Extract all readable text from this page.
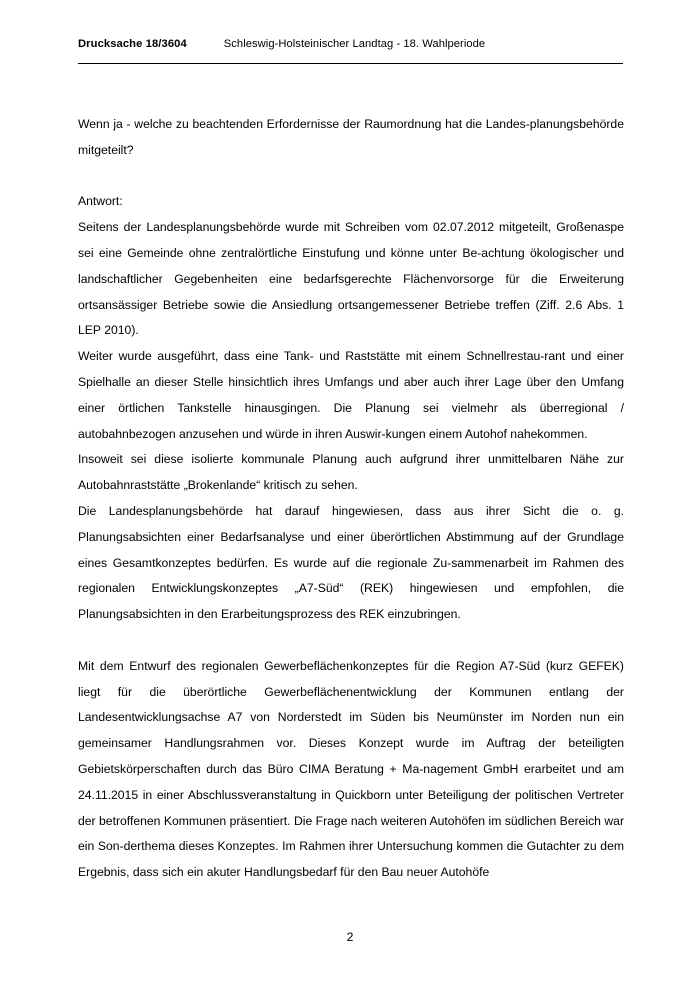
Drucksache 18/3604	Schleswig-Holsteinischer Landtag - 18. Wahlperiode

Wenn ja - welche zu beachtenden Erfordernisse der Raumordnung hat die Landes-planungsbehörde mitgeteilt?

Antwort:

Seitens der Landesplanungsbehörde wurde mit Schreiben vom 02.07.2012 mitgeteilt, Großenaspe sei eine Gemeinde ohne zentralörtliche Einstufung und könne unter Be-achtung ökologischer und landschaftlicher Gegebenheiten eine bedarfsgerechte Flächenvorsorge für die Erweiterung ortsansässiger Betriebe sowie die Ansiedlung ortsangemessener Betriebe treffen (Ziff. 2.6 Abs. 1 LEP 2010).

Weiter wurde ausgeführt, dass eine Tank- und Raststätte mit einem Schnellrestau-rant und einer Spielhalle an dieser Stelle hinsichtlich ihres Umfangs und aber auch ihrer Lage über den Umfang einer örtlichen Tankstelle hinausgingen. Die Planung sei vielmehr als überregional / autobahnbezogen anzusehen und würde in ihren Auswir-kungen einem Autohof nahekommen.

Insoweit sei diese isolierte kommunale Planung auch aufgrund ihrer unmittelbaren Nähe zur Autobahnraststätte „Brokenlande“ kritisch zu sehen.

Die Landesplanungsbehörde hat darauf hingewiesen, dass aus ihrer Sicht die o. g. Planungsabsichten einer Bedarfsanalyse und einer überörtlichen Abstimmung auf der Grundlage eines Gesamtkonzeptes bedürfen. Es wurde auf die regionale Zu-sammenarbeit im Rahmen des regionalen Entwicklungskonzeptes „A7-Süd“ (REK) hingewiesen und empfohlen, die Planungsabsichten in den Erarbeitungsprozess des REK einzubringen.

Mit dem Entwurf des regionalen Gewerbeflächenkonzeptes für die Region A7-Süd (kurz GEFEK) liegt für die überörtliche Gewerbeflächenentwicklung der Kommunen entlang der Landesentwicklungsachse A7 von Norderstedt im Süden bis Neumünster im Norden nun ein gemeinsamer Handlungsrahmen vor. Dieses Konzept wurde im Auftrag der beteiligten Gebietskörperschaften durch das Büro CIMA Beratung + Ma-nagement GmbH erarbeitet und am 24.11.2015 in einer Abschlussveranstaltung in Quickborn unter Beteiligung der politischen Vertreter der betroffenen Kommunen präsentiert. Die Frage nach weiteren Autohöfen im südlichen Bereich war ein Son-derthema dieses Konzeptes. Im Rahmen ihrer Untersuchung kommen die Gutachter zu dem Ergebnis, dass sich ein akuter Handlungsbedarf für den Bau neuer Autohöfe

2
